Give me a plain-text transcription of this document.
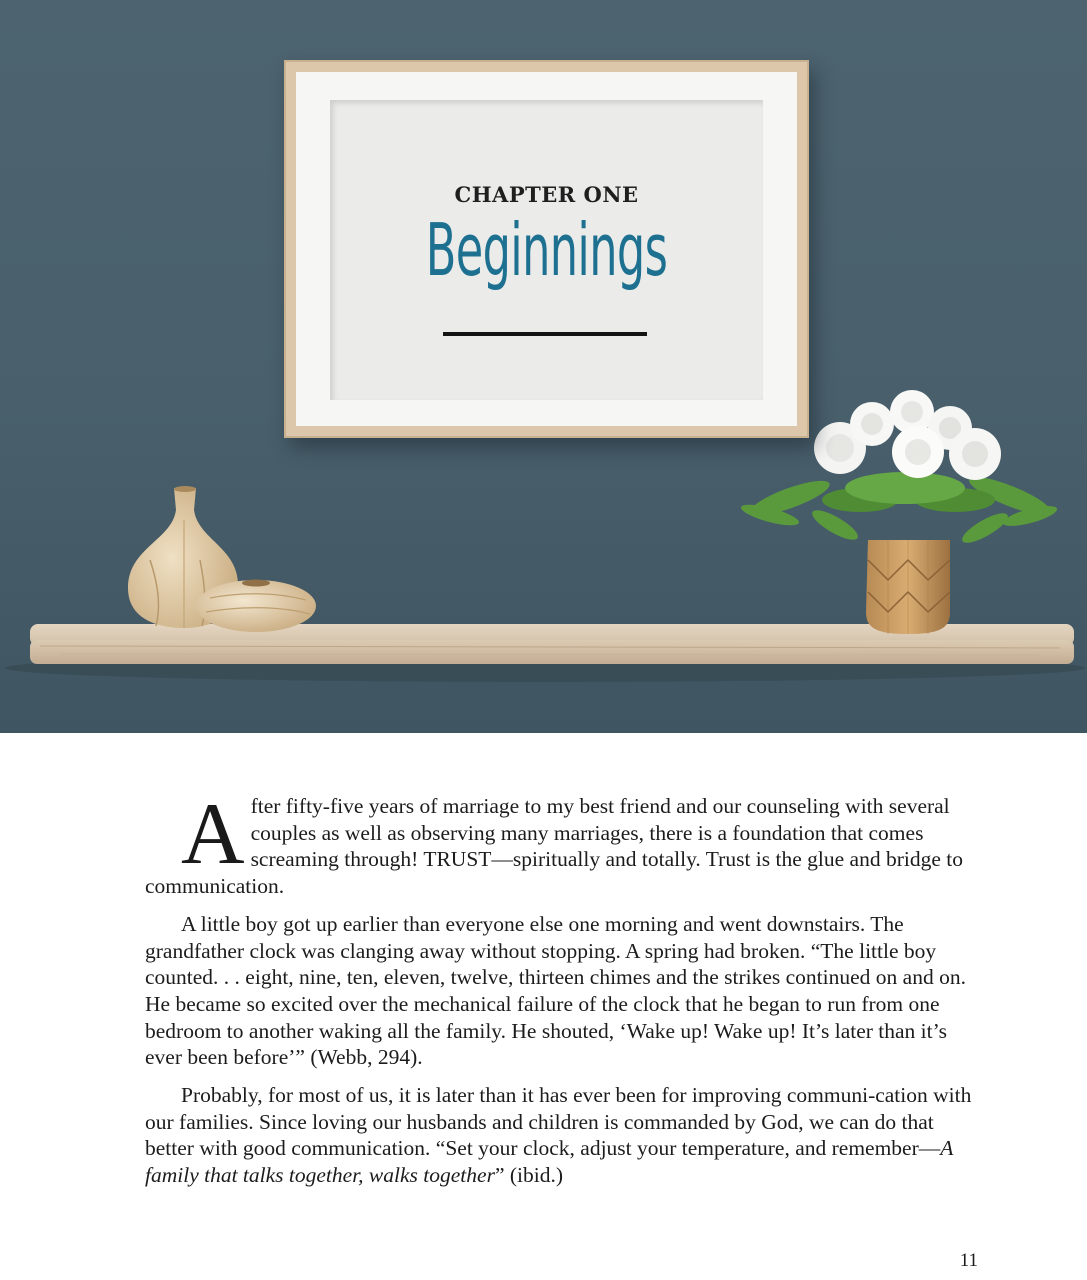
CHAPTER ONE
Beginnings

After fifty-five years of marriage to my best friend and our counseling with several couples as well as observing many marriages, there is a foundation that comes screaming through! TRUST—spiritually and totally. Trust is the glue and bridge to communication.

A little boy got up earlier than everyone else one morning and went downstairs. The grandfather clock was clanging away without stopping. A spring had broken. “The little boy counted. . . eight, nine, ten, eleven, twelve, thirteen chimes and the strikes continued on and on. He became so excited over the mechanical failure of the clock that he began to run from one bedroom to another waking all the family. He shouted, ‘Wake up! Wake up! It’s later than it’s ever been before’” (Webb, 294).

Probably, for most of us, it is later than it has ever been for improving communi-cation with our families. Since loving our husbands and children is commanded by God, we can do that better with good communication. “Set your clock, adjust your temperature, and remember—A family that talks together, walks together” (ibid.)

11
